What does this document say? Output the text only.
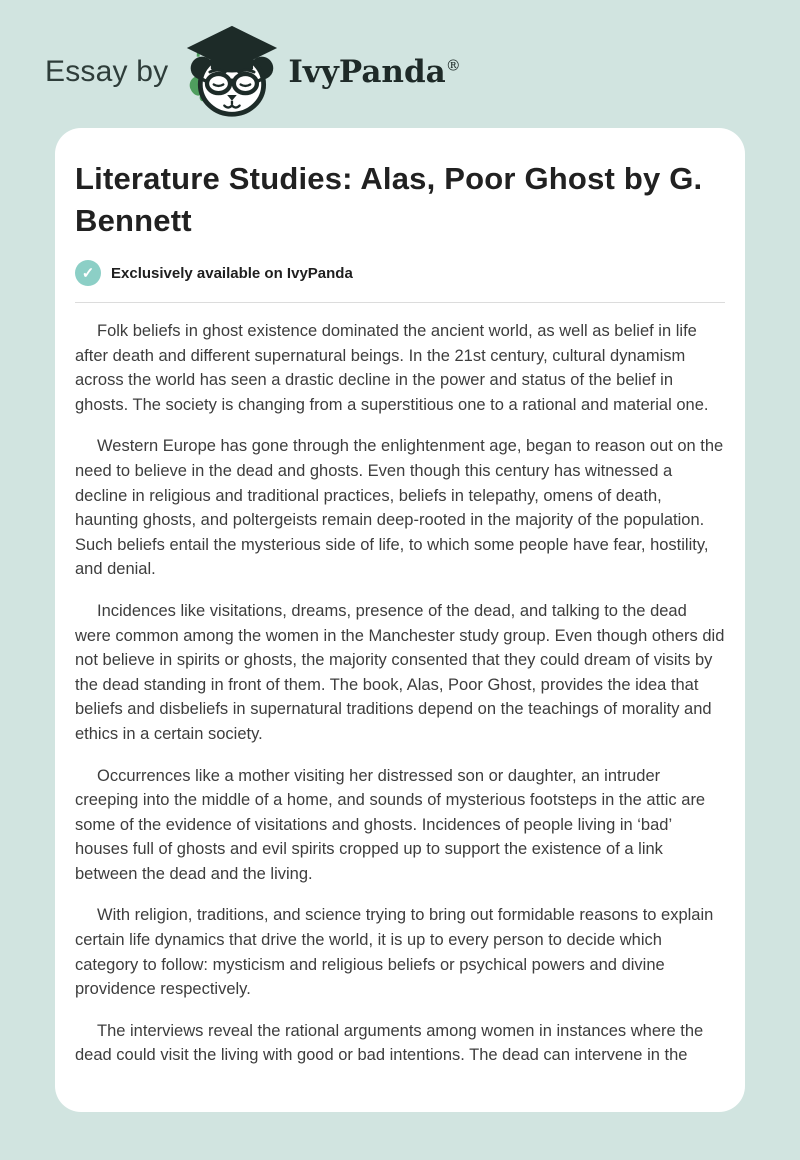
Essay by	IvyPanda®
Literature Studies: Alas, Poor Ghost by G. Bennett
✓	Exclusively available on IvyPanda

Folk beliefs in ghost existence dominated the ancient world, as well as belief in life after death and different supernatural beings. In the 21st century, cultural dynamism across the world has seen a drastic decline in the power and status of the belief in ghosts. The society is changing from a superstitious one to a rational and material one.

Western Europe has gone through the enlightenment age, began to reason out on the need to believe in the dead and ghosts. Even though this century has witnessed a decline in religious and traditional practices, beliefs in telepathy, omens of death, haunting ghosts, and poltergeists remain deep-rooted in the majority of the population. Such beliefs entail the mysterious side of life, to which some people have fear, hostility, and denial.

Incidences like visitations, dreams, presence of the dead, and talking to the dead were common among the women in the Manchester study group. Even though others did not believe in spirits or ghosts, the majority consented that they could dream of visits by the dead standing in front of them. The book, Alas, Poor Ghost, provides the idea that beliefs and disbeliefs in supernatural traditions depend on the teachings of morality and ethics in a certain society.

Occurrences like a mother visiting her distressed son or daughter, an intruder creeping into the middle of a home, and sounds of mysterious footsteps in the attic are some of the evidence of visitations and ghosts. Incidences of people living in ‘bad’ houses full of ghosts and evil spirits cropped up to support the existence of a link between the dead and the living.

With religion, traditions, and science trying to bring out formidable reasons to explain certain life dynamics that drive the world, it is up to every person to decide which category to follow: mysticism and religious beliefs or psychical powers and divine providence respectively.

The interviews reveal the rational arguments among women in instances where the dead could visit the living with good or bad intentions. The dead can intervene in the
